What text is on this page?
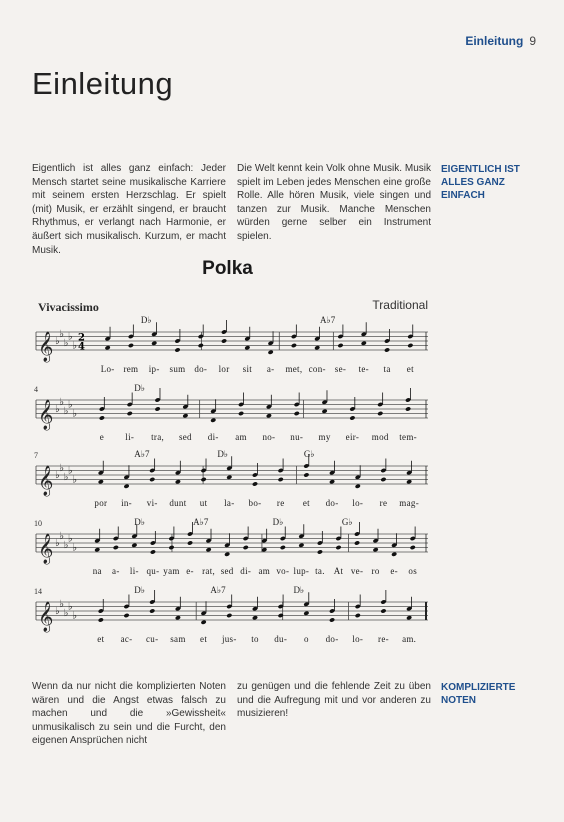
Einleitung 9
Einleitung

Eigentlich ist alles ganz einfach: Jeder Mensch startet seine musikalische Karriere mit seinem ersten Herzschlag. Er spielt (mit) Musik, er erzählt singend, er braucht Rhythmus, er verlangt nach Harmonie, er äußert sich musikalisch. Kurzum, er macht Musik.

Die Welt kennt kein Volk ohne Musik. Musik spielt im Leben jedes Menschen eine große Rolle. Alle hören Musik, viele singen und tanzen zur Musik. Manche Menschen würden gerne selber ein Instrument spielen.

EIGENTLICH IST ALLES GANZ EINFACH
Polka
Vivacissimo	Traditional
𝄞 ♭
♭
♭
♭
♭
2
4
D♭	A♭7
Lo- rem ip- sum do- lor sit a- met, con- se- te- ta et
𝄞 ♭
♭
♭
♭
♭
4	D♭
e li- tra, sed di- am no- nu- my eir- mod tem-
𝄞 ♭
♭
♭
♭
♭
7	A♭7	D♭	G♭
por in- vi- dunt ut la- bo- re et do- lo- re mag-
𝄞 ♭
♭
♭
♭
♭
10	D♭	A♭7	D♭	G♭
na a- li- qu- yam e- rat, sed di- am vo- lup- ta. At ve- ro e- os
𝄞 ♭
♭
♭
♭
♭
14	D♭	A♭7	D♭
et ac- cu- sam et jus- to du- o do- lo- re- am.

Wenn da nur nicht die komplizierten Noten wären und die Angst etwas falsch zu machen und die »Gewissheit« unmusikalisch zu sein und die Furcht, den eigenen Ansprüchen nicht

zu genügen und die fehlende Zeit zu üben und die Aufregung mit und vor anderen zu musizieren!

KOMPLIZIERTE NOTEN
